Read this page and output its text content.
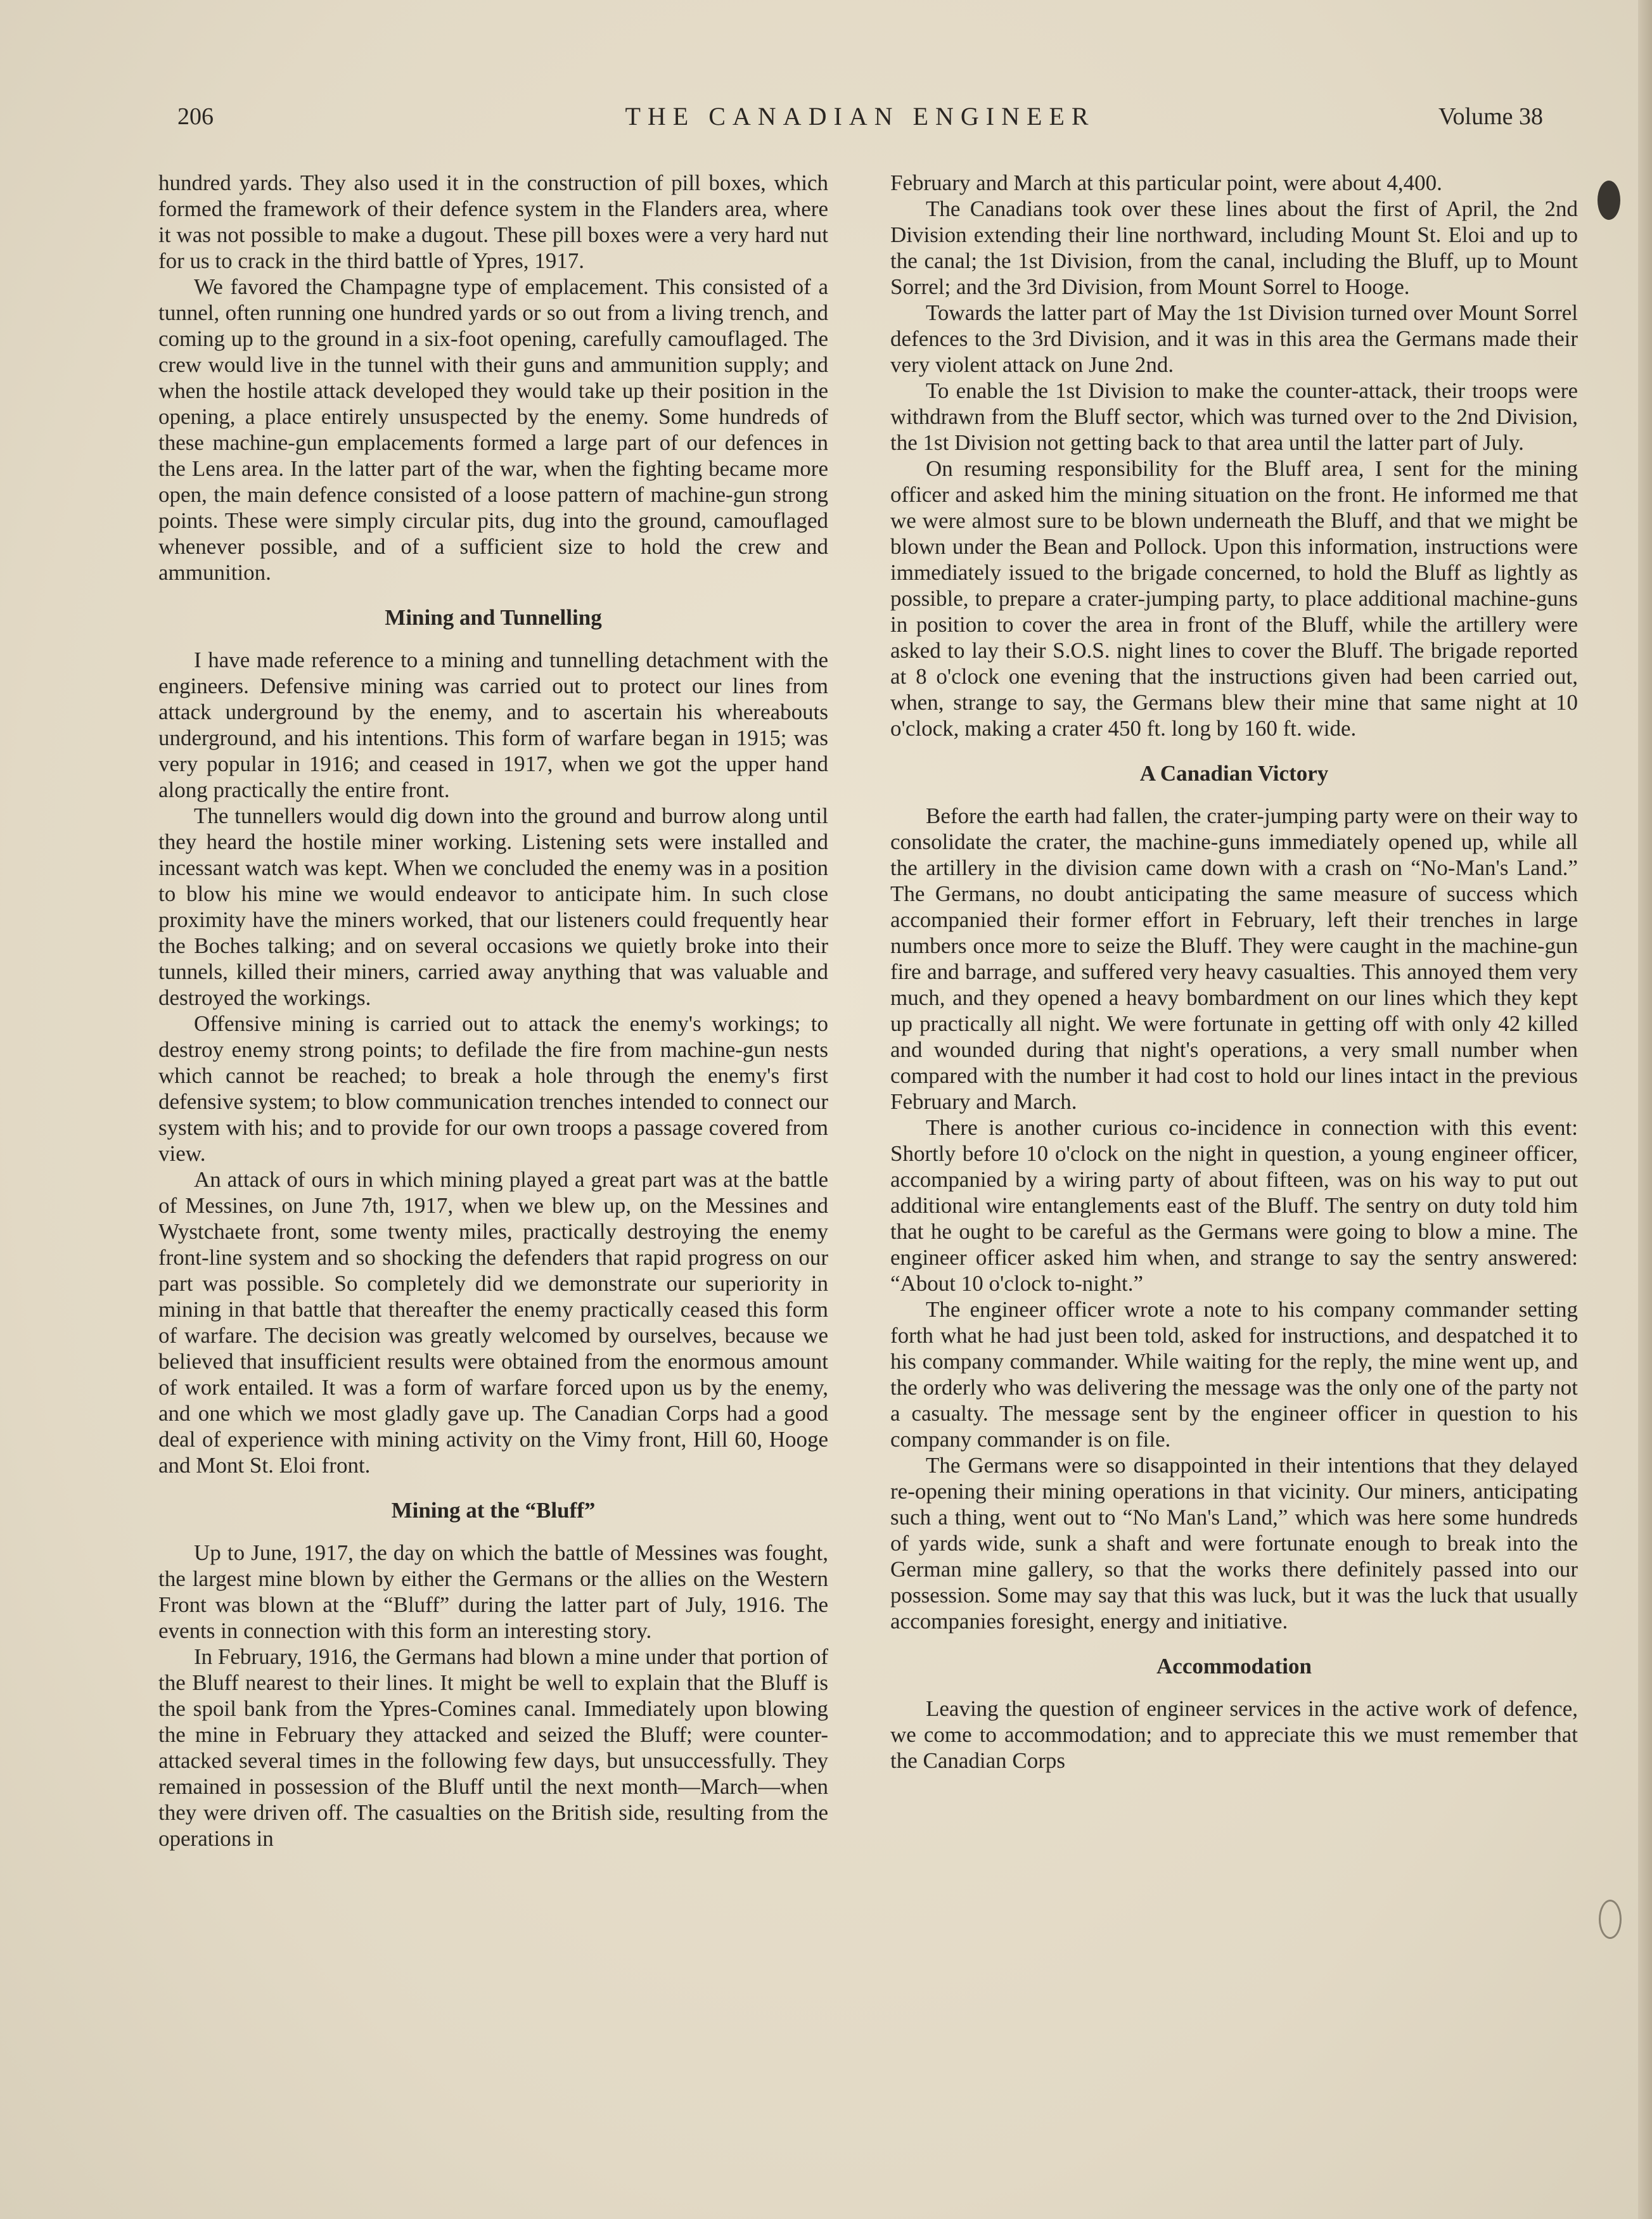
206	THE CANADIAN ENGINEER	Volume 38

hundred yards. They also used it in the construction of pill boxes, which formed the framework of their defence system in the Flanders area, where it was not possible to make a dugout. These pill boxes were a very hard nut for us to crack in the third battle of Ypres, 1917.

We favored the Champagne type of emplacement. This consisted of a tunnel, often running one hundred yards or so out from a living trench, and coming up to the ground in a six-foot opening, carefully camouflaged. The crew would live in the tunnel with their guns and ammunition supply; and when the hostile attack developed they would take up their position in the opening, a place entirely unsuspected by the enemy. Some hundreds of these machine-gun emplacements formed a large part of our defences in the Lens area. In the latter part of the war, when the fighting became more open, the main defence consisted of a loose pattern of machine-gun strong points. These were simply circular pits, dug into the ground, camouflaged whenever possible, and of a sufficient size to hold the crew and ammunition.

Mining and Tunnelling

I have made reference to a mining and tunnelling detachment with the engineers. Defensive mining was carried out to protect our lines from attack underground by the enemy, and to ascertain his whereabouts underground, and his intentions. This form of warfare began in 1915; was very popular in 1916; and ceased in 1917, when we got the upper hand along practically the entire front.

The tunnellers would dig down into the ground and burrow along until they heard the hostile miner working. Listening sets were installed and incessant watch was kept. When we concluded the enemy was in a position to blow his mine we would endeavor to anticipate him. In such close proximity have the miners worked, that our listeners could frequently hear the Boches talking; and on several occasions we quietly broke into their tunnels, killed their miners, carried away anything that was valuable and destroyed the workings.

Offensive mining is carried out to attack the enemy's workings; to destroy enemy strong points; to defilade the fire from machine-gun nests which cannot be reached; to break a hole through the enemy's first defensive system; to blow communication trenches intended to connect our system with his; and to provide for our own troops a passage covered from view.

An attack of ours in which mining played a great part was at the battle of Messines, on June 7th, 1917, when we blew up, on the Messines and Wystchaete front, some twenty miles, practically destroying the enemy front-line system and so shocking the defenders that rapid progress on our part was possible. So completely did we demonstrate our superiority in mining in that battle that thereafter the enemy practically ceased this form of warfare. The decision was greatly welcomed by ourselves, because we believed that insufficient results were obtained from the enormous amount of work entailed. It was a form of warfare forced upon us by the enemy, and one which we most gladly gave up. The Canadian Corps had a good deal of experience with mining activity on the Vimy front, Hill 60, Hooge and Mont St. Eloi front.

Mining at the “Bluff”

Up to June, 1917, the day on which the battle of Messines was fought, the largest mine blown by either the Germans or the allies on the Western Front was blown at the “Bluff” during the latter part of July, 1916. The events in connection with this form an interesting story.

In February, 1916, the Germans had blown a mine under that portion of the Bluff nearest to their lines. It might be well to explain that the Bluff is the spoil bank from the Ypres-Comines canal. Immediately upon blowing the mine in February they attacked and seized the Bluff; were counter-attacked several times in the following few days, but unsuccessfully. They remained in possession of the Bluff until the next month—March—when they were driven off. The casualties on the British side, resulting from the operations in

February and March at this particular point, were about 4,400.

The Canadians took over these lines about the first of April, the 2nd Division extending their line northward, including Mount St. Eloi and up to the canal; the 1st Division, from the canal, including the Bluff, up to Mount Sorrel; and the 3rd Division, from Mount Sorrel to Hooge.

Towards the latter part of May the 1st Division turned over Mount Sorrel defences to the 3rd Division, and it was in this area the Germans made their very violent attack on June 2nd.

To enable the 1st Division to make the counter-attack, their troops were withdrawn from the Bluff sector, which was turned over to the 2nd Division, the 1st Division not getting back to that area until the latter part of July.

On resuming responsibility for the Bluff area, I sent for the mining officer and asked him the mining situation on the front. He informed me that we were almost sure to be blown underneath the Bluff, and that we might be blown under the Bean and Pollock. Upon this information, instructions were immediately issued to the brigade concerned, to hold the Bluff as lightly as possible, to prepare a crater-jumping party, to place additional machine-guns in position to cover the area in front of the Bluff, while the artillery were asked to lay their S.O.S. night lines to cover the Bluff. The brigade reported at 8 o'clock one evening that the instructions given had been carried out, when, strange to say, the Germans blew their mine that same night at 10 o'clock, making a crater 450 ft. long by 160 ft. wide.

A Canadian Victory

Before the earth had fallen, the crater-jumping party were on their way to consolidate the crater, the machine-guns immediately opened up, while all the artillery in the division came down with a crash on “No-Man's Land.” The Germans, no doubt anticipating the same measure of success which accompanied their former effort in February, left their trenches in large numbers once more to seize the Bluff. They were caught in the machine-gun fire and barrage, and suffered very heavy casualties. This annoyed them very much, and they opened a heavy bombardment on our lines which they kept up practically all night. We were fortunate in getting off with only 42 killed and wounded during that night's operations, a very small number when compared with the number it had cost to hold our lines intact in the previous February and March.

There is another curious co-incidence in connection with this event: Shortly before 10 o'clock on the night in question, a young engineer officer, accompanied by a wiring party of about fifteen, was on his way to put out additional wire entanglements east of the Bluff. The sentry on duty told him that he ought to be careful as the Germans were going to blow a mine. The engineer officer asked him when, and strange to say the sentry answered: “About 10 o'clock to-night.”

The engineer officer wrote a note to his company commander setting forth what he had just been told, asked for instructions, and despatched it to his company commander. While waiting for the reply, the mine went up, and the orderly who was delivering the message was the only one of the party not a casualty. The message sent by the engineer officer in question to his company commander is on file.

The Germans were so disappointed in their intentions that they delayed re-opening their mining operations in that vicinity. Our miners, anticipating such a thing, went out to “No Man's Land,” which was here some hundreds of yards wide, sunk a shaft and were fortunate enough to break into the German mine gallery, so that the works there definitely passed into our possession. Some may say that this was luck, but it was the luck that usually accompanies foresight, energy and initiative.

Accommodation

Leaving the question of engineer services in the active work of defence, we come to accommodation; and to appreciate this we must remember that the Canadian Corps
